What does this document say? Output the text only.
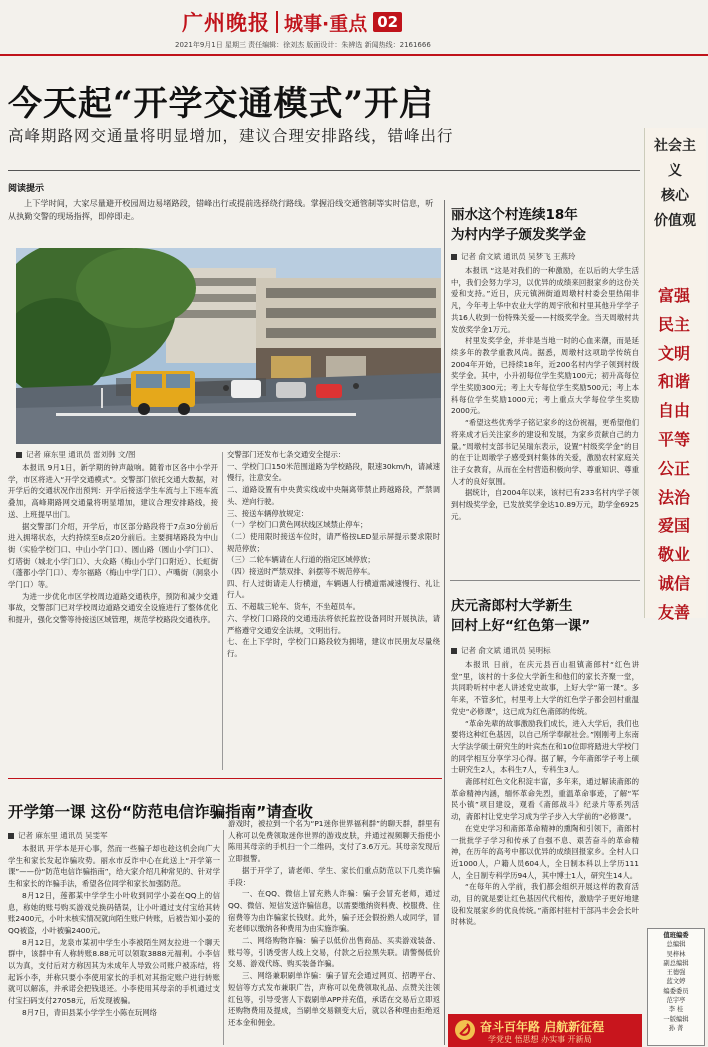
广州晚报 城事·重点 02
2021年9月1日 星期三 责任编辑：徐刘杰 版面设计：朱辨选 新闻热线：2161666
今天起“开学交通模式”开启
高峰期路网交通量将明显增加，建议合理安排路线，错峰出行
社会主义
核心
价值观
富强
民主
文明
和谐
自由
平等
公正
法治
爱国
敬业
诚信
友善
阅读提示
上下学时间，大家尽量避开校园周边易堵路段，错峰出行或提前选择绕行路线。掌握沿线交通管制等实时信息，听从执勤交警的现场指挥，即停即走。
记者 麻东里 通讯员 雷刘韩 文/图

本报讯 9月1日，新学期的钟声敲响。随着市区各中小学开学，市区将进入“开学交通模式”。交警部门依托交通大数据，对开学后的交通状况作出预判：开学后接送学生车流与上下班车流叠加，高峰期路网交通量将明显增加，建议合理安排路线，接送、上班提早出门。

据交警部门介绍，开学后，市区部分路段将于7点30分前后进入拥堵状态，大约持续至8点20分前后。主要拥堵路段为中山街（实验学校门口、中山小学门口）、圆山路（圆山小学门口）、灯塔街（城北小学门口）、大众路（梅山小学门口附近）、长虹街（蓬都小学门口）、寿尔福路（梅山中学门口）、卢嘴街（洞泉小学门口）等。

为进一步优化市区学校周边道路交通秩序，预防和减少交通事故，交警部门已对学校周边道路交通安全设施进行了整体优化和提升，强化交警等待接送区域管理，规范学校路段交通秩序。

交警部门还发布七条交通安全提示：
一、学校门口150米范围道路为学校路段，限速30km/h，请减速慢行，注意安全。
二、道路设置有中央黄实线或中央隔离带禁止跨越路段，严禁调头、逆向行驶。
三、接送车辆停放规定：
（一）学校门口黄色网状线区域禁止停车；
（二）使用限时接送车位时，请严格按LED显示屏提示要求限时规范停放；
（三）二轮车辆请在人行道的指定区域停放；
（四）接送时严禁双排、斜摆等不规范停车。
四、行人过街请走人行横道，车辆遇人行横道需减速慢行、礼让行人。
五、不超载三轮车、货车，不坐超员车。
六、学校门口路段的交通违法将依托监控设备同时开展执法，请严格遵守交通安全法规，文明出行。
七、在上下学时，学校门口路段较为拥堵，建议市民朋友尽量绕行。
开学第一课 这份“防范电信诈骗指南”请查收
记者 麻东里 通讯员 吴雯军

本报讯 开学本是开心事，然而一些骗子却也趁这机会向广大学生和家长发起诈骗攻势。丽水市反诈中心在此送上“开学第一课”——份“防范电信诈骗指南”，给大家介绍几种常见的、针对学生和家长的诈骗手法，希望各位同学和家长加强防范。

8月12日，莲都某中学学生小叶收到同学小姜在QQ上的信息，称她的账号购买游戏兑换码错误，让小叶通过支付宝给其转账2400元，小叶未核实情况就向陌生账户转账，后被告知小姜的QQ被盗，小叶被骗2400元。

8月12日，龙泉市某初中学生小李被陌生网友拉进一个聊天群中，该群中有人称转账8.88元可以领取3888元福利。小李信以为真，支付后对方称因其为未成年人导致公司账户被冻结，将起诉小李，并称只要小李使用家长的手机对其指定账户进行转账就可以解冻，并承诺会把钱退还。小李使用其母亲的手机通过支付宝扫码支付27058元，后发现被骗。

8月7日，青田县某小学学生小陈在玩网络

游戏时，被拉到一个名为“P1迷你世界福利群”的聊天群，群里有人称可以免费领取迷你世界的游戏皮肤，并通过视频聊天指使小陈用其母亲的手机扫一个二维码，支付了3.6万元。其母亲发现后立即报警。

据于开学了，请老师、学生、家长们重点防范以下几类诈骗手段：

一、在QQ、微信上冒充熟人诈骗：骗子会冒充老师，通过QQ、微信、短信发送诈骗信息，以需要缴纳资料费、校服费、住宿费等为由诈骗家长钱财。此外，骗子还会假扮熟人或同学，冒充老师以缴纳各种费用为由实施诈骗。

二、网络购物诈骗：骗子以低价出售商品、买卖游戏装备、账号等，引诱受害人线上交易，付款之后拉黑失联。请警惕低价交易、游戏代练、购买装备诈骗。

三、网络兼职刷单诈骗：骗子冒充会通过网页、招聘平台、短信等方式发布兼职广告，声称可以免费领取礼品、点赞关注领红包等，引导受害人下载刷单APP并充值，承诺在交易后立即返还购物费用及提成，当刷单交易额变大后，就以各种理由拒绝返还本金和佣金。

丽水这个村连续18年
为村内学子颁发奖学金
记者 俞文斌 通讯员 吴梦飞 王燕玲

本报讯 “这是对我们的一种激励，在以后的大学生活中，我们会努力学习，以优异的成绩来回报家乡的这份关爱和支持。”近日，庆元镇洲街道周墩村村委会里热闹非凡，今年考上华中农业大学的周宇欣和村里其他升学学子共16人收到一份特殊关爱——村级奖学金。当天周墩村共发放奖学金1万元。

村里发奖学金，并非是当地一时的心血来潮，而是延续多年的教学重教风尚。据悉，周墩村这项助学传统自2004年开始，已持续18年，近200名村内学子领到村级奖学金。其中，小升初每位学生奖励100元；初升高每位学生奖励300元；考上大专每位学生奖励500元；考上本科每位学生奖励1000元；考上重点大学每位学生奖励2000元。

“希望这些优秀学子铭记家乡的这份祝福，更希望他们将来成才后关注家乡的建设和发展，为家乡贡献自己的力量。”周墩村支部书记吴瑞东表示，设置“村级奖学金”的目的在于让周墩学子感受到村集体的关爱，激励农村家庭关注子女教育，从而在全村营造积极向学、尊重知识、尊重人才的良好氛围。

据统计，自2004年以来，该村已有233名村内学子领到村级奖学金，已发放奖学金达10.89万元，助学金6925元。

庆元斋郎村大学新生
回村上好“红色第一课”
记者 俞文斌 通讯员 吴明标

本报讯 日前，在庆元县百山祖镇斋郎村“红色讲堂”里，该村的十多位大学新生和他们的家长齐聚一堂，共同聆听村中老人讲述党史故事，上好大学“第一课”。多年来，不管多忙，村里考上大学的红色学子都会回村重温党史“必修课”，这已成为红色斋郎的传统。

“革命先辈的故事激励我们成长，进入大学后，我们也要将这种红色基因，以自己所学奉献社会。”刚刚考上东南大学法学硕士研究生的叶宾杰在和10位即将踏进大学校门的同学相互分享学习心得。据了解，今年斋郎学子考上硕士研究生2人，本科生7人，专科生3人。

斋郎村红色文化积淀丰富，多年来，通过解读斋郎的革命精神内涵，缅怀革命先烈，重温革命事迹，了解“军民小镇”项目建设，观看《斋郎战斗》纪录片等系列活动，斋郎村让党史学习成为学子步入大学前的“必修课”。

在党史学习和斋郎革命精神的熏陶和引领下，斋郎村一批批学子学习和传承了自强不息、艰苦奋斗的革命精神，在历年的高考中都以优异的成绩回报家乡。全村人口近1000人，户籍人员604人，全日制本科以上学历111人，全日制专科学历94人，其中博士1人，研究生14人。

“在每年的入学前，我们都会组织开展这样的教育活动，目的就是要让红色基因代代相传，激励学子更好地建设和发展家乡的优良传统。”斋郎村驻村干部冯丰会会长叶时林说。

奋斗百年路 启航新征程
学党史 悟思想 办实事 开新局
值班编委
总编辑
吴梓林
副总编辑
王德强
蓝文婷
编委委员
范宇亭
李 桂
一版编辑
孙 菁
